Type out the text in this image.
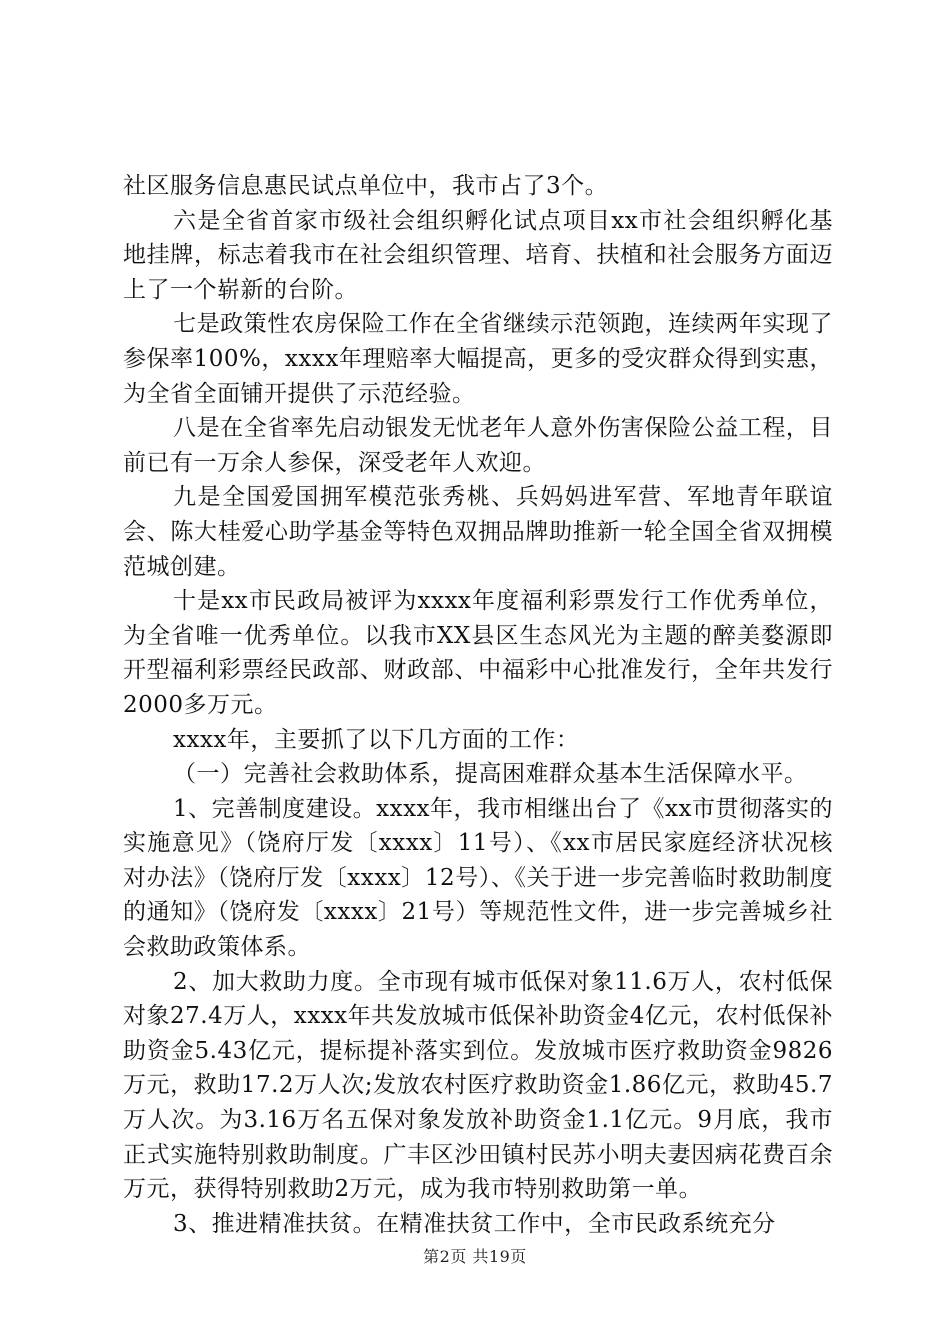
社区服务信息惠民试点单位中，我市占了3个。

六是全省首家市级社会组织孵化试点项目xx市社会组织孵化基地挂牌，标志着我市在社会组织管理、培育、扶植和社会服务方面迈上了一个崭新的台阶。

七是政策性农房保险工作在全省继续示范领跑，连续两年实现了参保率100%，xxxx年理赔率大幅提高，更多的受灾群众得到实惠，为全省全面铺开提供了示范经验。

八是在全省率先启动银发无忧老年人意外伤害保险公益工程，目前已有一万余人参保，深受老年人欢迎。

九是全国爱国拥军模范张秀桃、兵妈妈进军营、军地青年联谊会、陈大桂爱心助学基金等特色双拥品牌助推新一轮全国全省双拥模范城创建。

十是xx市民政局被评为xxxx年度福利彩票发行工作优秀单位，为全省唯一优秀单位。以我市XX县区生态风光为主题的醉美婺源即开型福利彩票经民政部、财政部、中福彩中心批准发行，全年共发行2000多万元。

xxxx年，主要抓了以下几方面的工作：

（一）完善社会救助体系，提高困难群众基本生活保障水平。

1、完善制度建设。xxxx年，我市相继出台了《xx市贯彻落实的实施意见》（饶府厅发〔xxxx〕11号）、《xx市居民家庭经济状况核对办法》（饶府厅发〔xxxx〕12号）、《关于进一步完善临时救助制度的通知》（饶府发〔xxxx〕21号）等规范性文件，进一步完善城乡社会救助政策体系。

2、加大救助力度。全市现有城市低保对象11.6万人，农村低保对象27.4万人，xxxx年共发放城市低保补助资金4亿元，农村低保补助资金5.43亿元，提标提补落实到位。发放城市医疗救助资金9826万元，救助17.2万人次;发放农村医疗救助资金1.86亿元，救助45.7万人次。为3.16万名五保对象发放补助资金1.1亿元。9月底，我市正式实施特别救助制度。广丰区沙田镇村民苏小明夫妻因病花费百余万元，获得特别救助2万元，成为我市特别救助第一单。

3、推进精准扶贫。在精准扶贫工作中，全市民政系统充分

第2页 共19页
